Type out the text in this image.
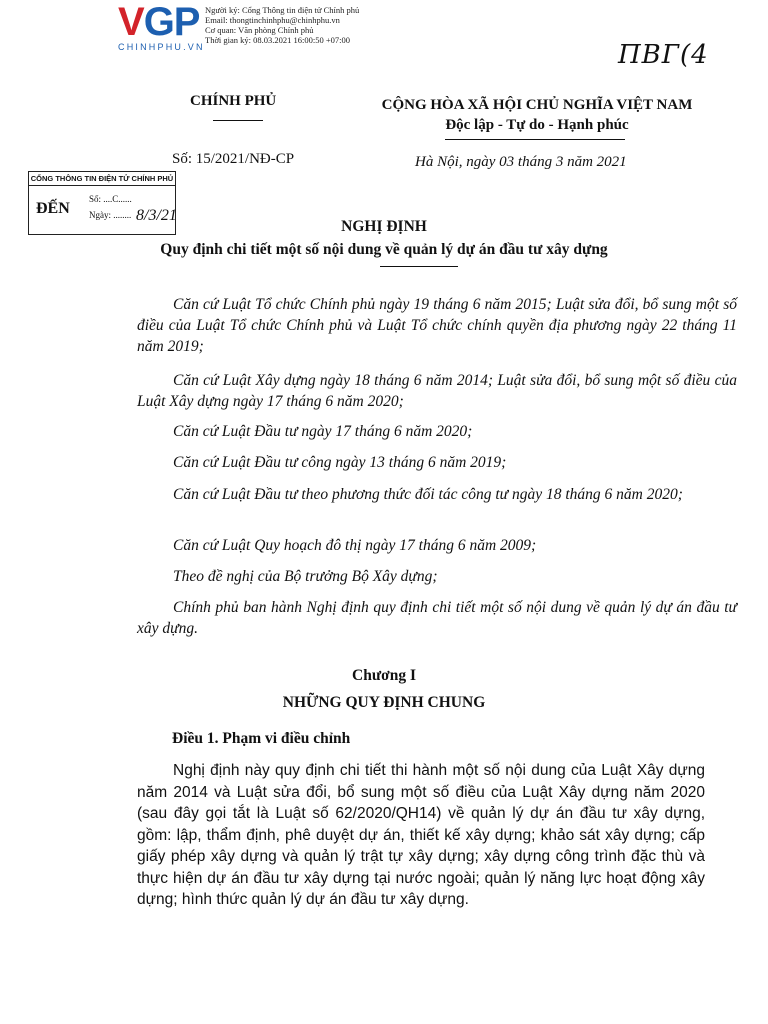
VGP
CHINHPHU.VN
Người ký: Cổng Thông tin điện tử Chính phủ
Email: thongtinchinhphu@chinhphu.vn
Cơ quan: Văn phòng Chính phủ
Thời gian ký: 08.03.2021 16:00:50 +07:00	ПВГ(4
CHÍNH PHỦ	CỘNG HÒA XÃ HỘI CHỦ NGHĨA VIỆT NAM
Độc lập - Tự do - Hạnh phúc
Số: 15/2021/NĐ-CP	Hà Nội, ngày 03 tháng 3 năm 2021
CỔNG THÔNG TIN ĐIỆN TỬ CHÍNH PHỦ
ĐẾN
Số: ....C......
Ngày: ........ 8/3/21
NGHỊ ĐỊNH
Quy định chi tiết một số nội dung về quản lý dự án đầu tư xây dựng
Căn cứ Luật Tổ chức Chính phủ ngày 19 tháng 6 năm 2015; Luật sửa đổi, bổ sung một số điều của Luật Tổ chức Chính phủ và Luật Tổ chức chính quyền địa phương ngày 22 tháng 11 năm 2019;
Căn cứ Luật Xây dựng ngày 18 tháng 6 năm 2014; Luật sửa đổi, bổ sung một số điều của Luật Xây dựng ngày 17 tháng 6 năm 2020;
Căn cứ Luật Đầu tư ngày 17 tháng 6 năm 2020;
Căn cứ Luật Đầu tư công ngày 13 tháng 6 năm 2019;
Căn cứ Luật Đầu tư theo phương thức đối tác công tư ngày 18 tháng 6 năm 2020;
Căn cứ Luật Quy hoạch đô thị ngày 17 tháng 6 năm 2009;
Theo đề nghị của Bộ trưởng Bộ Xây dựng;
Chính phủ ban hành Nghị định quy định chi tiết một số nội dung về quản lý dự án đầu tư xây dựng.
Chương I
NHỮNG QUY ĐỊNH CHUNG
Điều 1. Phạm vi điều chỉnh
Nghị định này quy định chi tiết thi hành một số nội dung của Luật Xây dựng năm 2014 và Luật sửa đổi, bổ sung một số điều của Luật Xây dựng năm 2020 (sau đây gọi tắt là Luật số 62/2020/QH14) về quản lý dự án đầu tư xây dựng, gồm: lập, thẩm định, phê duyệt dự án, thiết kế xây dựng; khảo sát xây dựng; cấp giấy phép xây dựng và quản lý trật tự xây dựng; xây dựng công trình đặc thù và thực hiện dự án đầu tư xây dựng tại nước ngoài; quản lý năng lực hoạt động xây dựng; hình thức quản lý dự án đầu tư xây dựng.
